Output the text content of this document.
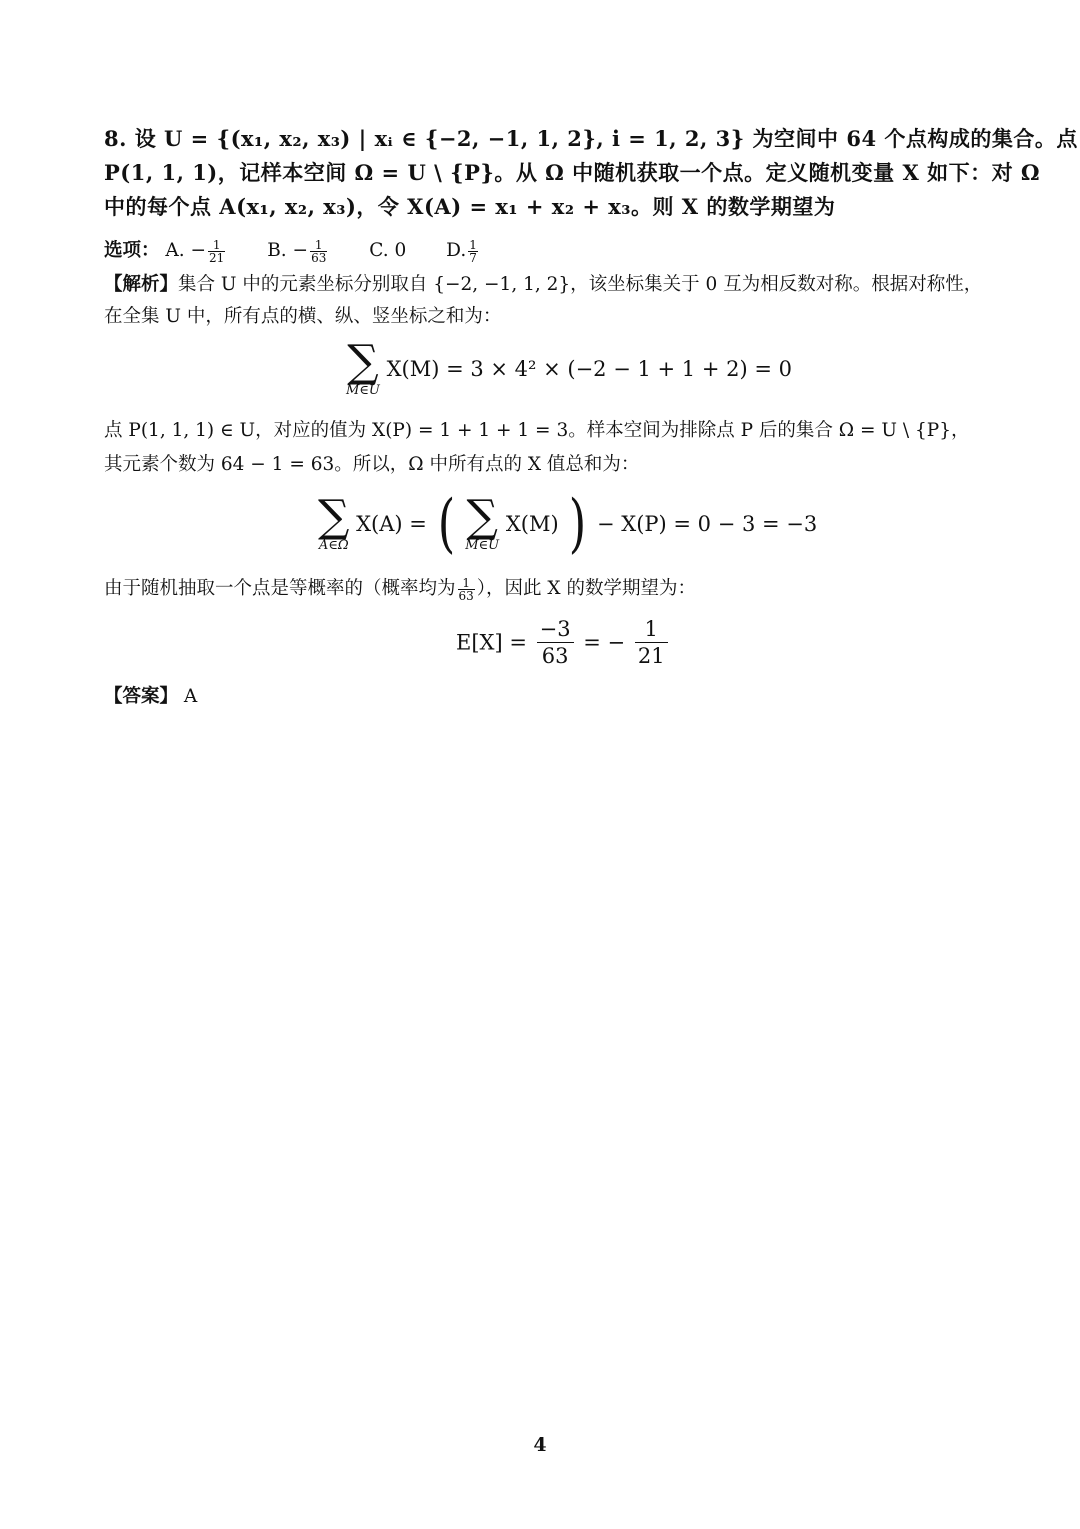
8. 设 U = {(x₁, x₂, x₃) | xᵢ ∈ {−2, −1, 1, 2}, i = 1, 2, 3} 为空间中 64 个点构成的集合。点
P(1, 1, 1)，记样本空间 Ω = U \ {P}。从 Ω 中随机获取一个点。定义随机变量 X 如下：对 Ω
中的每个点 A(x₁, x₂, x₃)，令 X(A) = x₁ + x₂ + x₃。则 X 的数学期望为
选项： A. − $\frac{1}{21} B$. − $\frac{1}{63} C$. 0 D. $\frac{1}{7}$
【解析】集合 U 中的元素坐标分别取自 {−2, −1, 1, 2}，该坐标集关于 0 互为相反数对称。根据对称性，
在全集 U 中，所有点的横、纵、竖坐标之和为：
∑
M∈U
X(M) = 3 × 4² × (−2 − 1 + 1 + 2) = 0
点 P(1, 1, 1) ∈ U，对应的值为 X(P) = 1 + 1 + 1 = 3。样本空间为排除点 P 后的集合 Ω = U \ {P}，
其元素个数为 64 − 1 = 63。所以，Ω 中所有点的 X 值总和为：
∑
A∈Ω
X(A) = ( ∑
M∈U
X(M) ) − X(P) = 0 − 3 = −3
由于随机抽取一个点是等概率的（概率均为 $\frac{1}{63}$ ），因此 X 的数学期望为：
$E[X] = \frac{-3}{63}$ = − $\frac{1}{21}$
【答案】 A
4
